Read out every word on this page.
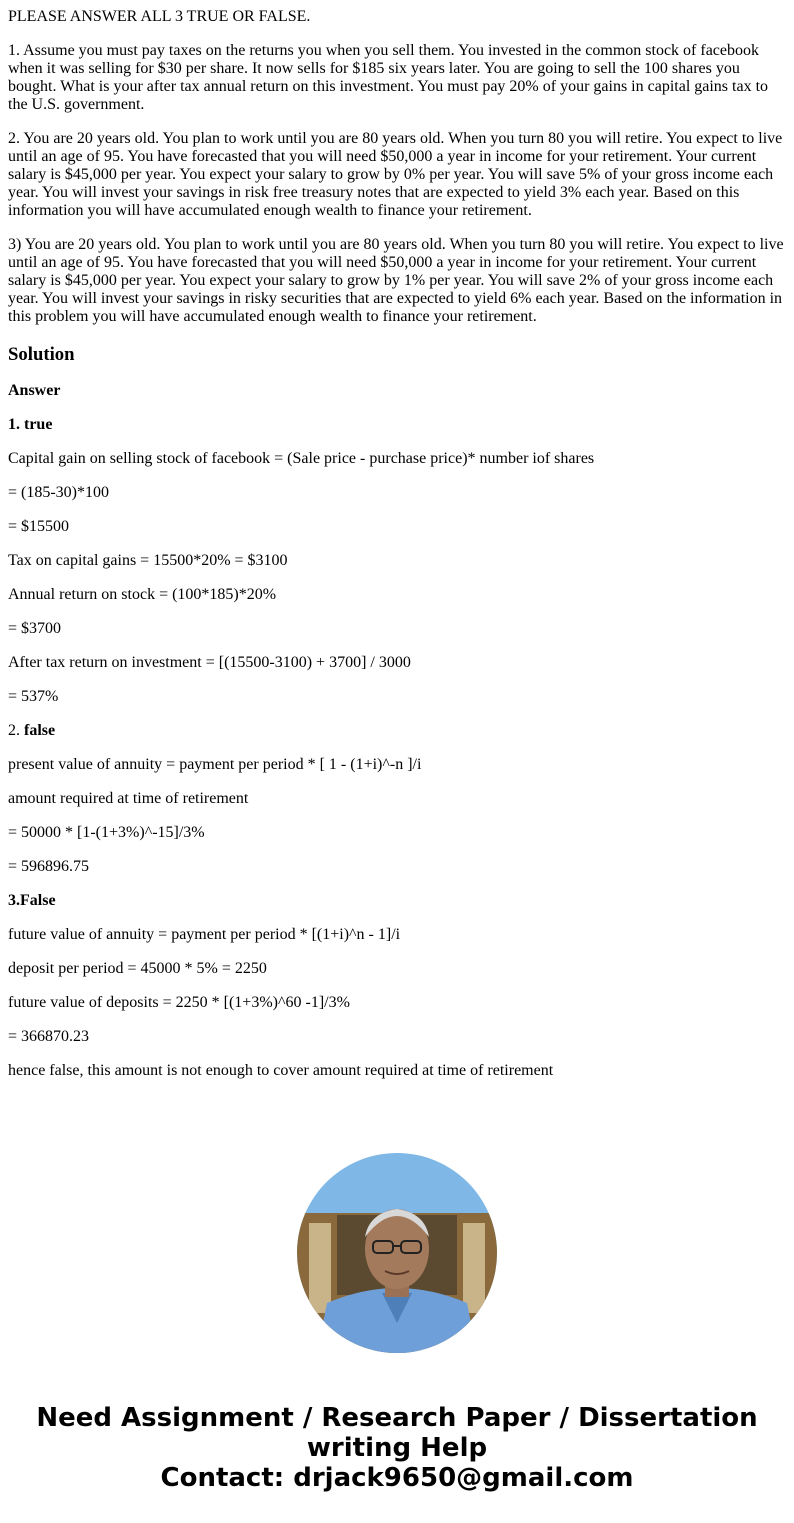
PLEASE ANSWER ALL 3 TRUE OR FALSE.

1. Assume you must pay taxes on the returns you when you sell them. You invested in the common stock of facebook when it was selling for $30 per share. It now sells for $185 six years later. You are going to sell the 100 shares you bought. What is your after tax annual return on this investment. You must pay 20% of your gains in capital gains tax to the U.S. government.

2. You are 20 years old. You plan to work until you are 80 years old. When you turn 80 you will retire. You expect to live until an age of 95. You have forecasted that you will need $50,000 a year in income for your retirement. Your current salary is $45,000 per year. You expect your salary to grow by 0% per year. You will save 5% of your gross income each year. You will invest your savings in risk free treasury notes that are expected to yield 3% each year. Based on this information you will have accumulated enough wealth to finance your retirement.

3) You are 20 years old. You plan to work until you are 80 years old. When you turn 80 you will retire. You expect to live until an age of 95. You have forecasted that you will need $50,000 a year in income for your retirement. Your current salary is $45,000 per year. You expect your salary to grow by 1% per year. You will save 2% of your gross income each year. You will invest your savings in risky securities that are expected to yield 6% each year. Based on the information in this problem you will have accumulated enough wealth to finance your retirement.

Solution

Answer

1. true

Capital gain on selling stock of facebook = (Sale price - purchase price)* number iof shares

= (185-30)*100

= $15500

Tax on capital gains = 15500*20% = $3100

Annual return on stock = (100*185)*20%

= $3700

After tax return on investment = [(15500-3100) + 3700] / 3000

= 537%

2. false

present value of annuity = payment per period * [ 1 - (1+i)^-n ]/i

amount required at time of retirement

= 50000 * [1-(1+3%)^-15]/3%

= 596896.75

3.False

future value of annuity = payment per period * [(1+i)^n - 1]/i

deposit per period = 45000 * 5% = 2250

future value of deposits = 2250 * [(1+3%)^60 -1]/3%

= 366870.23

hence false, this amount is not enough to cover amount required at time of retirement

Need Assignment / Research Paper / Dissertation
writing Help
Contact: drjack9650@gmail.com
